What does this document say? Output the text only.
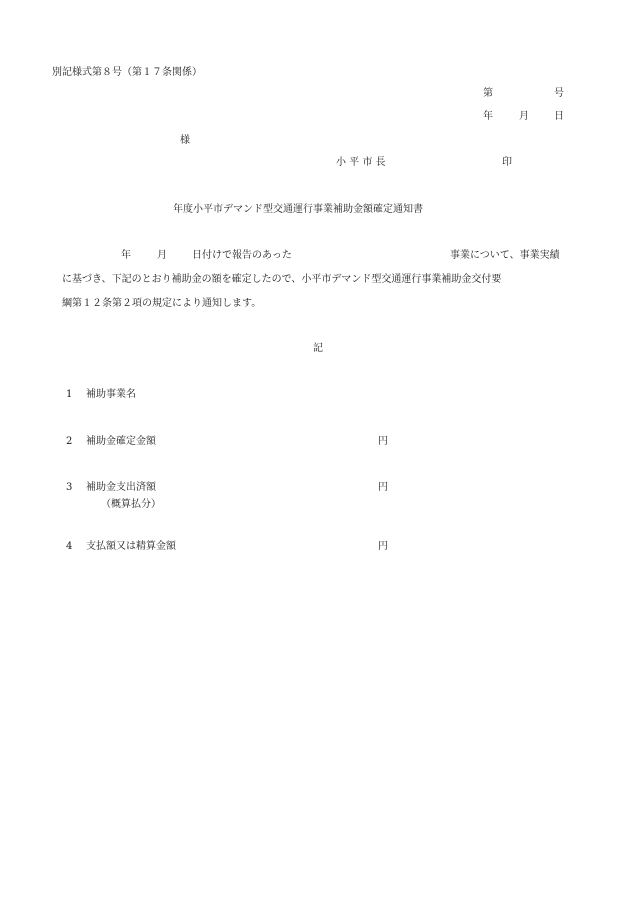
別記様式第８号（第１７条関係）
第	号
年	月	日
様
小 平 市 長	印
年度小平市デマンド型交通運行事業補助金額確定通知書
年	月	日付けで報告のあった	事業について、事業実績
に基づき、下記のとおり補助金の額を確定したので、小平市デマンド型交通運行事業補助金交付要
綱第１２条第２項の規定により通知します。
記
1 補助事業名
2 補助金確定金額	円
3 補助金支出済額	円
（概算払分）
4 支払額又は精算金額	円
